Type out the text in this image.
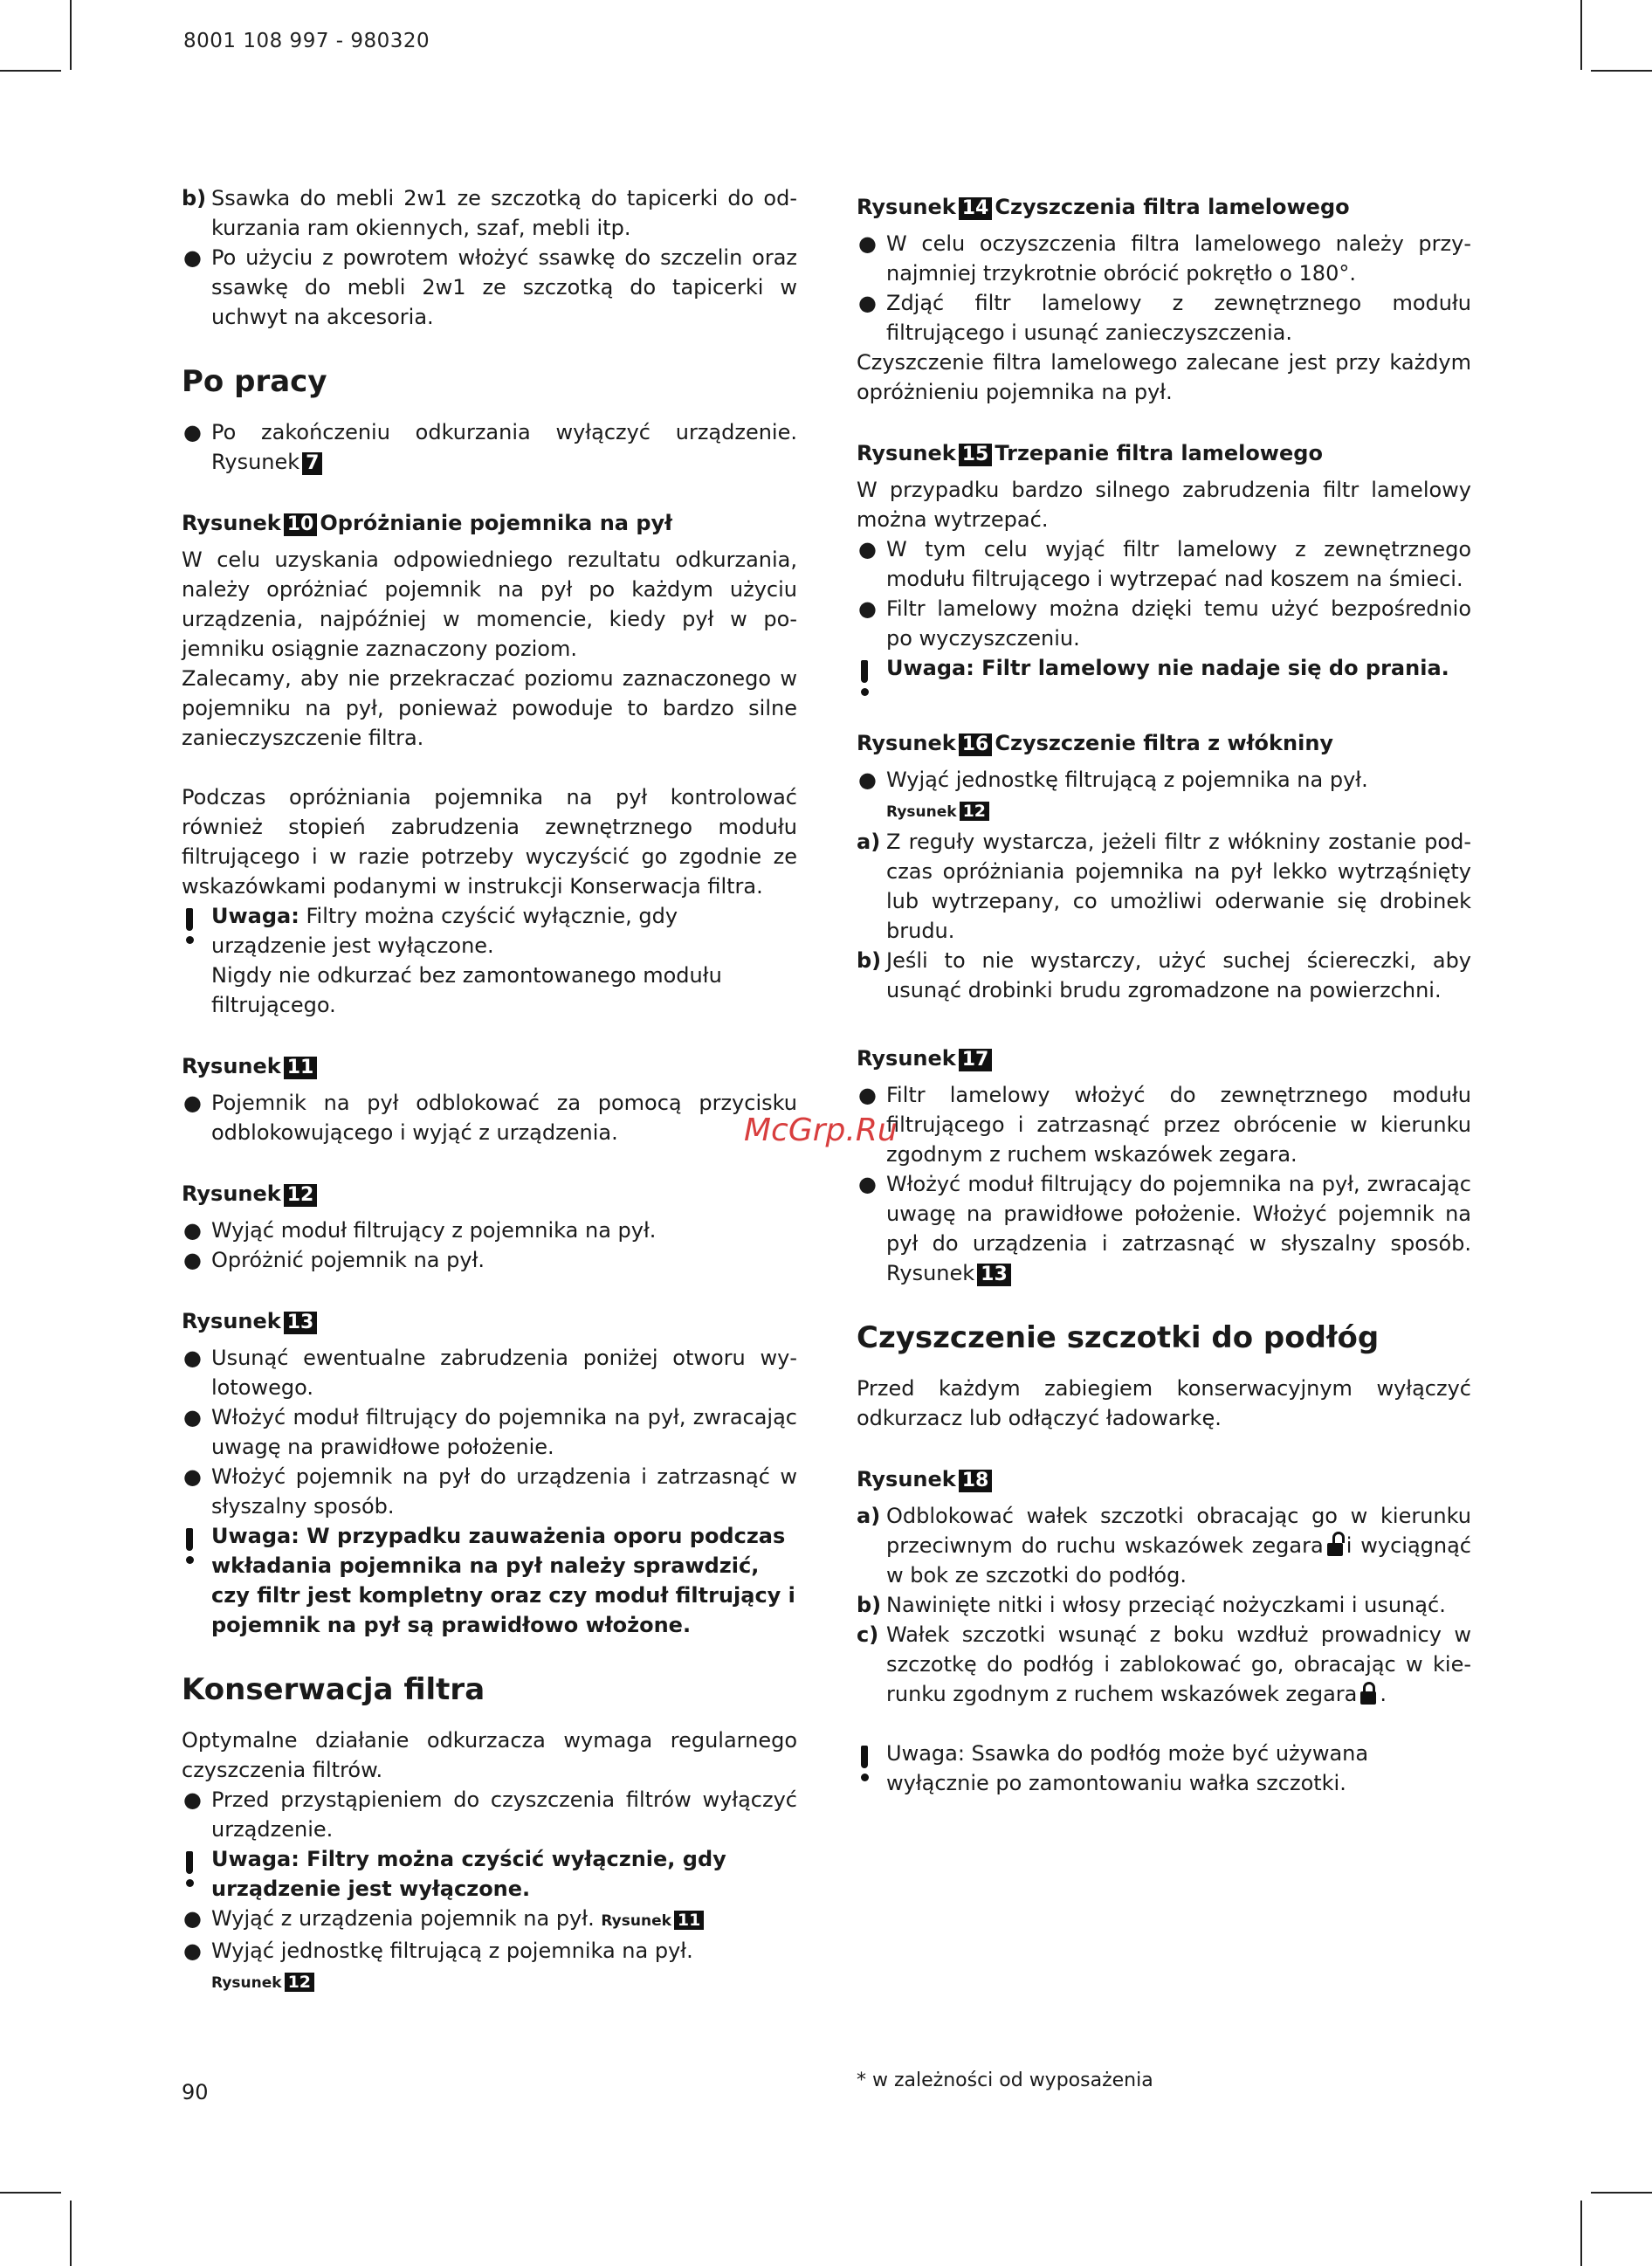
8001 108 997 - 980320
b) Ssawka do mebli 2w1 ze szczotką do tapicerki do odkurzania ram okiennych, szaf, mebli itp.
● Po użyciu z powrotem włożyć ssawkę do szczelin oraz ssawkę do mebli 2w1 ze szczotką do tapicerki w uchwyt na akcesoria.
Po pracy
● Po zakończeniu odkurzania wyłączyć urządzenie. Rysunek 7
Rysunek 10 Opróżnianie pojemnika na pył

W celu uzyskania odpowiedniego rezultatu odkurzania, należy opróżniać pojemnik na pył po każdym użyciu urządzenia, najpóźniej w momencie, kiedy pył w pojemniku osiągnie zaznaczony poziom.

Zalecamy, aby nie przekraczać poziomu zaznaczonego w pojemniku na pył, ponieważ powoduje to bardzo silne zanieczyszczenie filtra.

Podczas opróżniania pojemnika na pył kontrolować również stopień zabrudzenia zewnętrznego modułu filtrującego i w razie potrzeby wyczyścić go zgodnie ze wskazówkami podanymi w instrukcji Konserwacja filtra.

Uwaga: Filtry można czyścić wyłącznie, gdy urządzenie jest wyłączone.
Nigdy nie odkurzać bez zamontowanego modułu filtrującego.
Rysunek 11
● Pojemnik na pył odblokować za pomocą przycisku odblokowującego i wyjąć z urządzenia.
Rysunek 12
● Wyjąć moduł filtrujący z pojemnika na pył.
● Opróżnić pojemnik na pył.
Rysunek 13
● Usunąć ewentualne zabrudzenia poniżej otworu wylotowego.
● Włożyć moduł filtrujący do pojemnika na pył, zwracając uwagę na prawidłowe położenie.
● Włożyć pojemnik na pył do urządzenia i zatrzasnąć w słyszalny sposób.
Uwaga: W przypadku zauważenia oporu podczas wkładania pojemnika na pył należy sprawdzić, czy filtr jest kompletny oraz czy moduł filtrujący i pojemnik na pył są prawidłowo włożone.
Konserwacja filtra

Optymalne działanie odkurzacza wymaga regularnego czyszczenia filtrów.

● Przed przystąpieniem do czyszczenia filtrów wyłączyć urządzenie.
Uwaga: Filtry można czyścić wyłącznie, gdy urządzenie jest wyłączone.
● Wyjąć z urządzenia pojemnik na pył. Rysunek 11
● Wyjąć jednostkę filtrującą z pojemnika na pył.
Rysunek 12
Rysunek 14 Czyszczenia filtra lamelowego
● W celu oczyszczenia filtra lamelowego należy przynajmniej trzykrotnie obrócić pokrętło o 180°.
● Zdjąć filtr lamelowy z zewnętrznego modułu filtrującego i usunąć zanieczyszczenia.

Czyszczenie filtra lamelowego zalecane jest przy każdym opróżnieniu pojemnika na pył.

Rysunek 15 Trzepanie filtra lamelowego

W przypadku bardzo silnego zabrudzenia filtr lamelowy można wytrzepać.

● W tym celu wyjąć filtr lamelowy z zewnętrznego modułu filtrującego i wytrzepać nad koszem na śmieci.
● Filtr lamelowy można dzięki temu użyć bezpośrednio po wyczyszczeniu.
Uwaga: Filtr lamelowy nie nadaje się do prania.
Rysunek 16 Czyszczenie filtra z włókniny
● Wyjąć jednostkę filtrującą z pojemnika na pył.
Rysunek 12
a) Z reguły wystarcza, jeżeli filtr z włókniny zostanie podczas opróżniania pojemnika na pył lekko wytrząśnięty lub wytrzepany, co umożliwi oderwanie się drobinek brudu.
b) Jeśli to nie wystarczy, użyć suchej ściereczki, aby usunąć drobinki brudu zgromadzone na powierzchni.
Rysunek 17
● Filtr lamelowy włożyć do zewnętrznego modułu filtrującego i zatrzasnąć przez obrócenie w kierunku zgodnym z ruchem wskazówek zegara.
● Włożyć moduł filtrujący do pojemnika na pył, zwracając uwagę na prawidłowe położenie. Włożyć pojemnik na pył do urządzenia i zatrzasnąć w słyszalny sposób. Rysunek 13
Czyszczenie szczotki do podłóg

Przed każdym zabiegiem konserwacyjnym wyłączyć odkurzacz lub odłączyć ładowarkę.

Rysunek 18
a) Odblokować wałek szczotki obracając go w kierunku przeciwnym do ruchu wskazówek zegara i wyciągnąć w bok ze szczotki do podłóg.
b) Nawinięte nitki i włosy przeciąć nożyczkami i usunąć.
c) Wałek szczotki wsunąć z boku wzdłuż prowadnicy w szczotkę do podłóg i zablokować go, obracając w kierunku zgodnym z ruchem wskazówek zegara .
Uwaga: Ssawka do podłóg może być używana wyłącznie po zamontowaniu wałka szczotki.
McGrp.Ru
90	* w zależności od wyposażenia
